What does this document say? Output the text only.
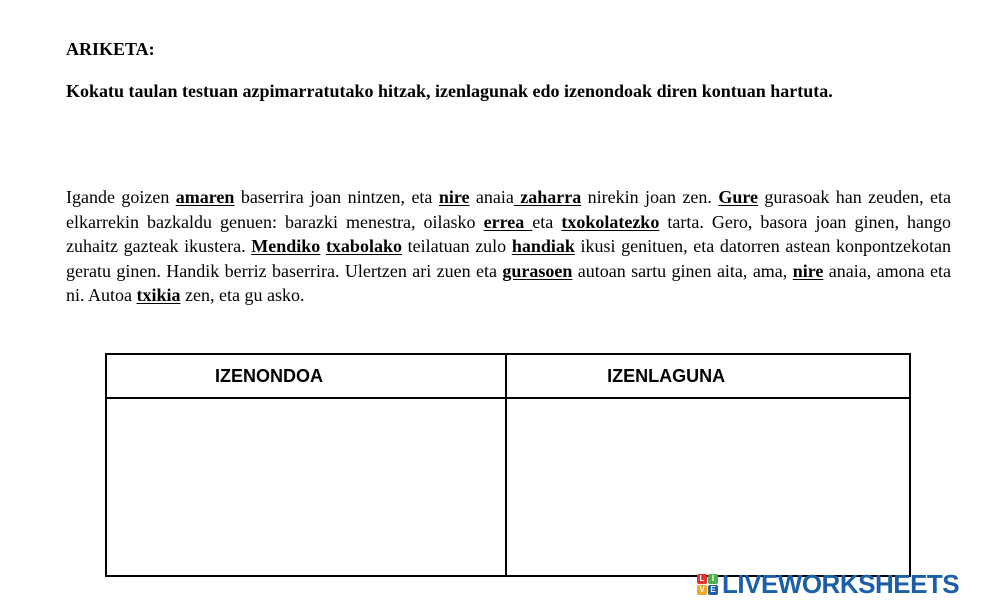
ARIKETA:
Kokatu taulan testuan azpimarratutako hitzak, izenlagunak edo izenondoak diren kontuan hartuta.
Igande goizen amaren baserrira joan nintzen, eta nire anaia zaharra nirekin joan zen. Gure gurasoak han zeuden, eta elkarrekin bazkaldu genuen: barazki menestra, oilasko errea eta txokolatezko tarta. Gero, basora joan ginen, hango zuhaitz gazteak ikustera. Mendiko txabolako teilatuan zulo handiak ikusi genituen, eta datorren astean konpontzekotan geratu ginen. Handik berriz baserrira. Ulertzen ari zuen eta gurasoen autoan sartu ginen aita, ama, nire anaia, amona eta ni. Autoa txikia zen, eta gu asko.
IZENONDOA	IZENLAGUNA

L I
V E LIVEWORKSHEETS
